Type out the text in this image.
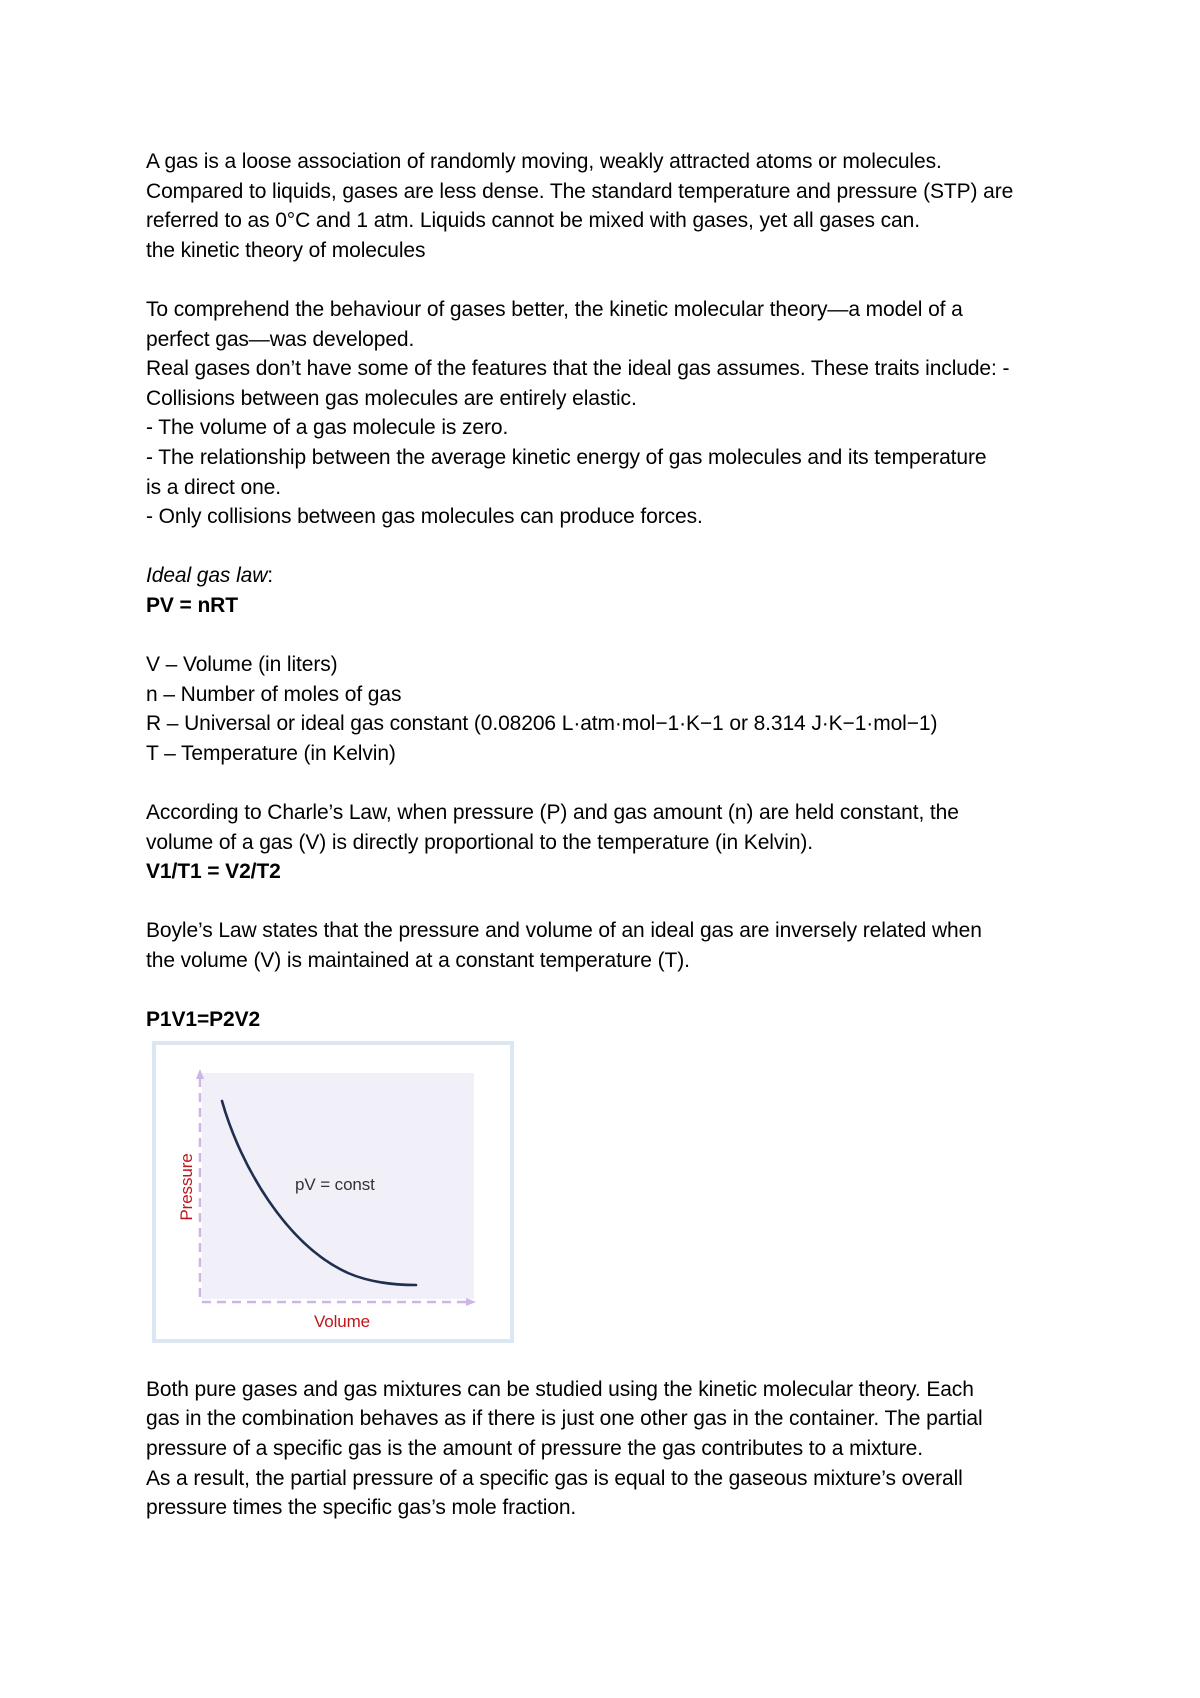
A gas is a loose association of randomly moving, weakly attracted atoms or molecules.

Compared to liquids, gases are less dense. The standard temperature and pressure (STP) are

referred to as 0°C and 1 atm. Liquids cannot be mixed with gases, yet all gases can.

the kinetic theory of molecules

To comprehend the behaviour of gases better, the kinetic molecular theory—a model of a

perfect gas—was developed.

Real gases don’t have some of the features that the ideal gas assumes. These traits include: -

Collisions between gas molecules are entirely elastic.

- The volume of a gas molecule is zero.

- The relationship between the average kinetic energy of gas molecules and its temperature

is a direct one.

- Only collisions between gas molecules can produce forces.

Ideal gas law:

PV = nRT

V – Volume (in liters)

n – Number of moles of gas

R – Universal or ideal gas constant (0.08206 L·atm·mol−1·K−1 or 8.314 J·K−1·mol−1)

T – Temperature (in Kelvin)

According to Charle’s Law, when pressure (P) and gas amount (n) are held constant, the

volume of a gas (V) is directly proportional to the temperature (in Kelvin).

V1/T1 = V2/T2

Boyle’s Law states that the pressure and volume of an ideal gas are inversely related when

the volume (V) is maintained at a constant temperature (T).

P1V1=P2V2

pV = const
Pressure
Volume

Both pure gases and gas mixtures can be studied using the kinetic molecular theory. Each

gas in the combination behaves as if there is just one other gas in the container. The partial

pressure of a specific gas is the amount of pressure the gas contributes to a mixture.

As a result, the partial pressure of a specific gas is equal to the gaseous mixture’s overall

pressure times the specific gas’s mole fraction.
